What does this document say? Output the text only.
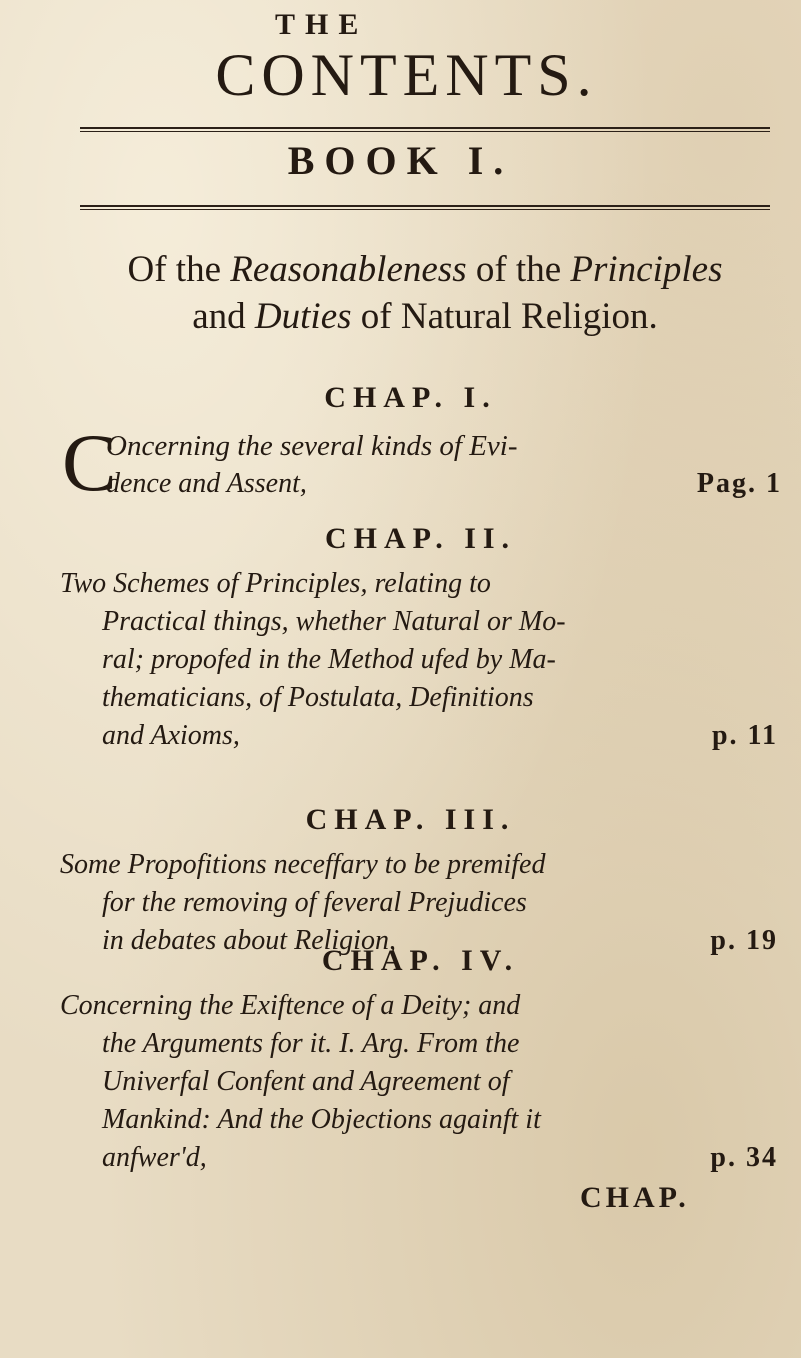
THE
CONTENTS.
BOOK I.
Of the Reasonableness of the Principles
and Duties of Natural Religion.
CHAP. I.
C

Oncerning the several kinds of Evi-

dence and Assent,	Pag. 1

CHAP. II.

Two Schemes of Principles, relating to

Practical things, whether Natural or Mo-

ral; propofed in the Method ufed by Ma-

thematicians, of Postulata, Definitions

and Axioms,	p. 11

CHAP. III.

Some Propofitions neceffary to be premifed

for the removing of feveral Prejudices

in debates about Religion,	p. 19

CHAP. IV.

Concerning the Exiftence of a Deity; and

the Arguments for it. I. Arg. From the

Univerfal Confent and Agreement of

Mankind: And the Objections againft it

anfwer'd,	p. 34

CHAP.
